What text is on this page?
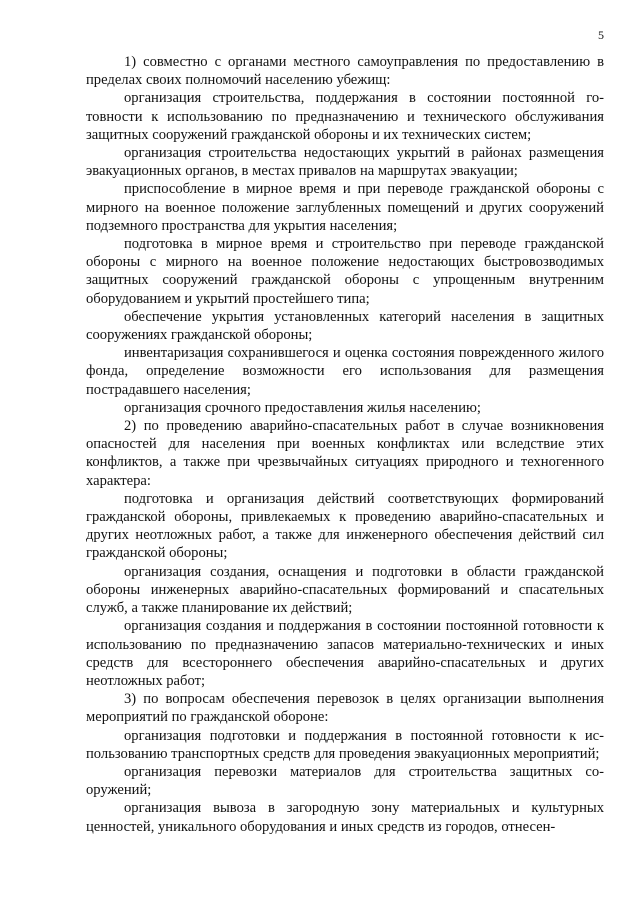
5

1) совместно с органами местного самоуправления по предоставлению в пределах своих полномочий населению убежищ:

организация строительства, поддержания в состоянии постоянной готовности к использованию по предназначению и технического обслуживания защитных сооружений гражданской обороны и их технических систем;

организация строительства недостающих укрытий в районах размещения эвакуационных органов, в местах привалов на маршрутах эвакуации;

приспособление в мирное время и при переводе гражданской обороны с мирного на военное положение заглубленных помещений и других сооружений подземного пространства для укрытия населения;

подготовка в мирное время и строительство при переводе гражданской обороны с мирного на военное положение недостающих быстровозводимых защитных сооружений гражданской обороны с упрощенным внутренним оборудованием и укрытий простейшего типа;

обеспечение укрытия установленных категорий населения в защитных сооружениях гражданской обороны;

инвентаризация сохранившегося и оценка состояния поврежденного жилого фонда, определение возможности его использования для размещения пострадавшего населения;

организация срочного предоставления жилья населению;

2) по проведению аварийно-спасательных работ в случае возникновения опасностей для населения при военных конфликтах или вследствие этих конфликтов, а также при чрезвычайных ситуациях природного и техногенного характера:

подготовка и организация действий соответствующих формирований гражданской обороны, привлекаемых к проведению аварийно-спасательных и других неотложных работ, а также для инженерного обеспечения действий сил гражданской обороны;

организация создания, оснащения и подготовки в области гражданской обороны инженерных аварийно-спасательных формирований и спасательных служб, а также планирование их действий;

организация создания и поддержания в состоянии постоянной готовности к использованию по предназначению запасов материально-технических и иных средств для всестороннего обеспечения аварийно-спасательных и других неотложных работ;

3) по вопросам обеспечения перевозок в целях организации выполнения мероприятий по гражданской обороне:

организация подготовки и поддержания в постоянной готовности к использованию транспортных средств для проведения эвакуационных мероприятий;

организация перевозки материалов для строительства защитных сооружений;

организация вывоза в загородную зону материальных и культурных ценностей, уникального оборудования и иных средств из городов, отнесен-
